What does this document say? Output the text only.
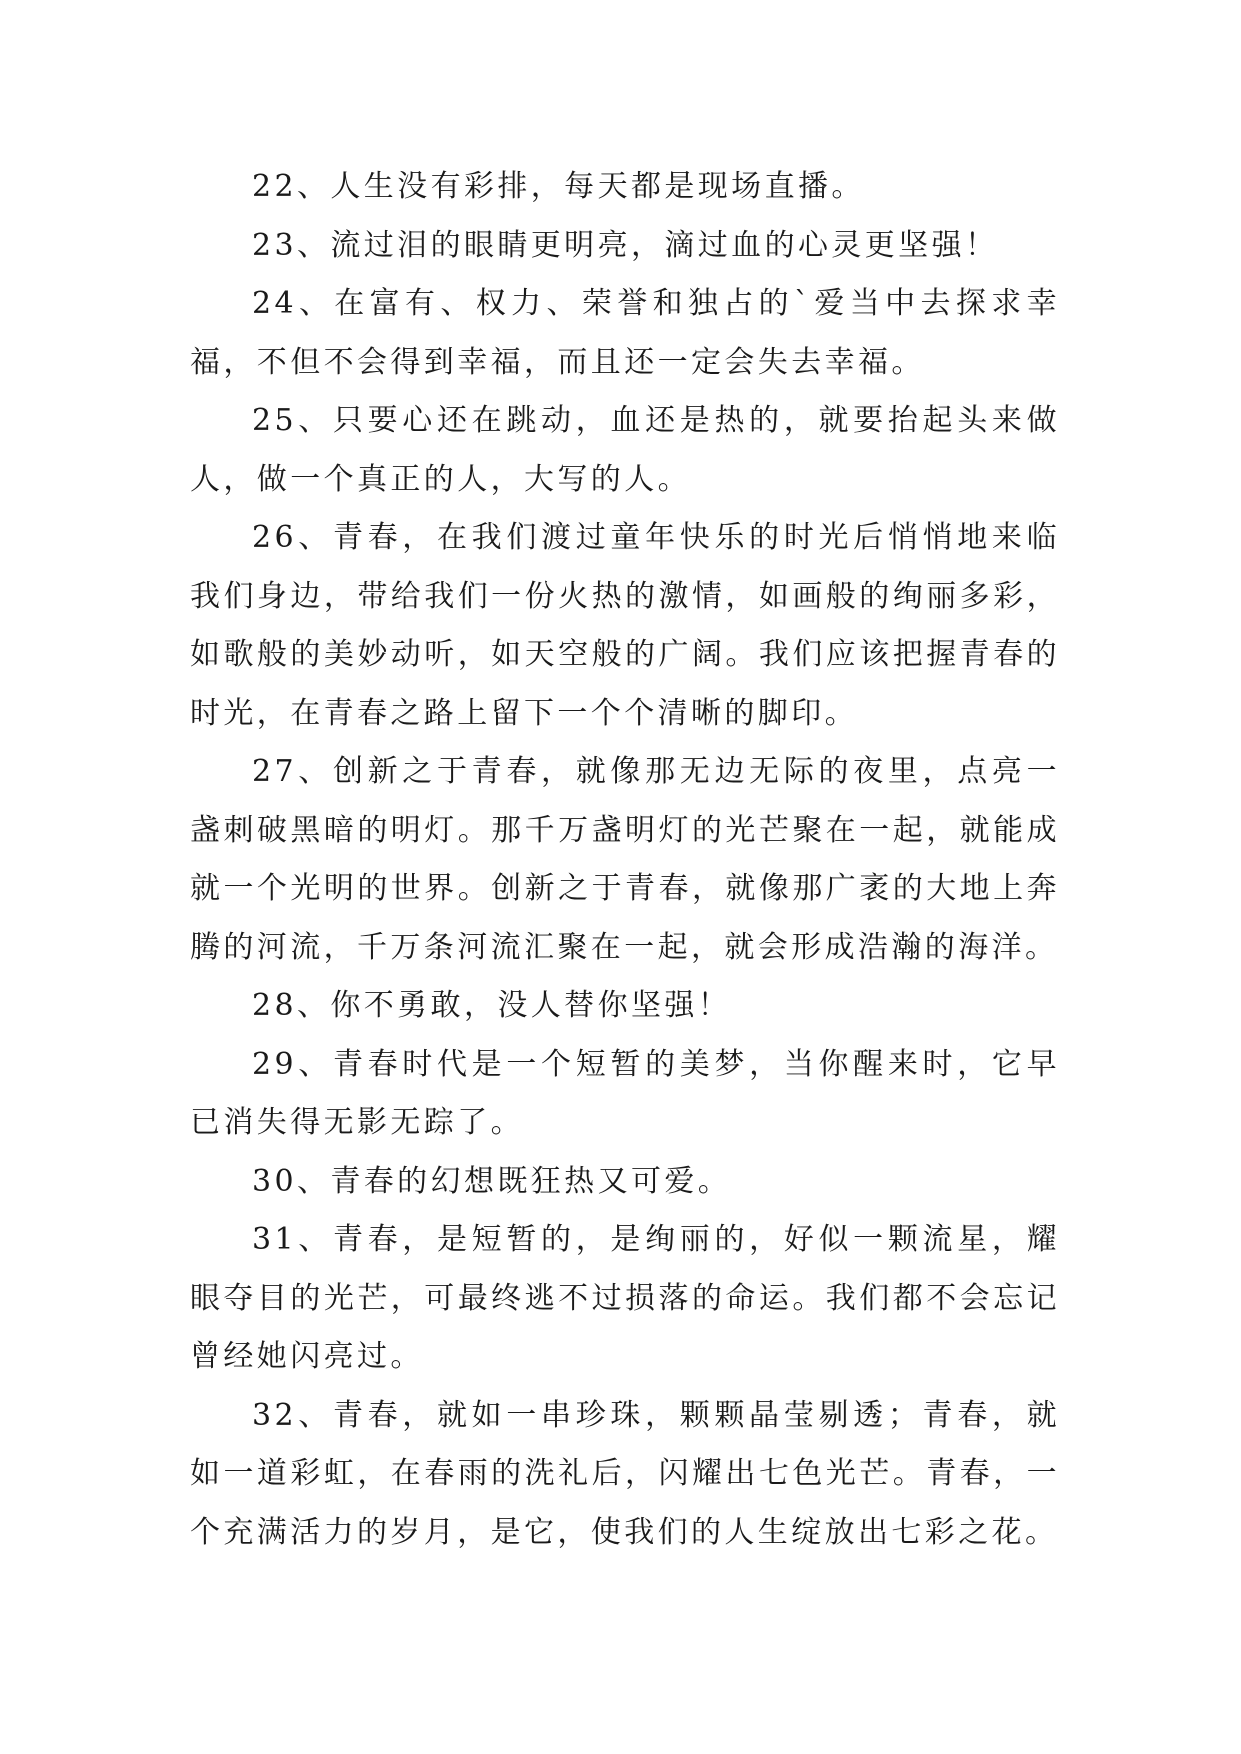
22、人生没有彩排，每天都是现场直播。

23、流过泪的眼睛更明亮，滴过血的心灵更坚强！

24、在富有、权力、荣誉和独占的`爱当中去探求幸福，不但不会得到幸福，而且还一定会失去幸福。

25、只要心还在跳动，血还是热的，就要抬起头来做人，做一个真正的人，大写的人。

26、青春，在我们渡过童年快乐的时光后悄悄地来临我们身边，带给我们一份火热的激情，如画般的绚丽多彩，如歌般的美妙动听，如天空般的广阔。我们应该把握青春的时光，在青春之路上留下一个个清晰的脚印。

27、创新之于青春，就像那无边无际的夜里，点亮一盏刺破黑暗的明灯。那千万盏明灯的光芒聚在一起，就能成就一个光明的世界。创新之于青春，就像那广袤的大地上奔腾的河流，千万条河流汇聚在一起，就会形成浩瀚的海洋。

28、你不勇敢，没人替你坚强！

29、青春时代是一个短暂的美梦，当你醒来时，它早已消失得无影无踪了。

30、青春的幻想既狂热又可爱。

31、青春，是短暂的，是绚丽的，好似一颗流星，耀眼夺目的光芒，可最终逃不过损落的命运。我们都不会忘记曾经她闪亮过。

32、青春，就如一串珍珠，颗颗晶莹剔透；青春，就如一道彩虹，在春雨的洗礼后，闪耀出七色光芒。青春，一个充满活力的岁月，是它，使我们的人生绽放出七彩之花。
